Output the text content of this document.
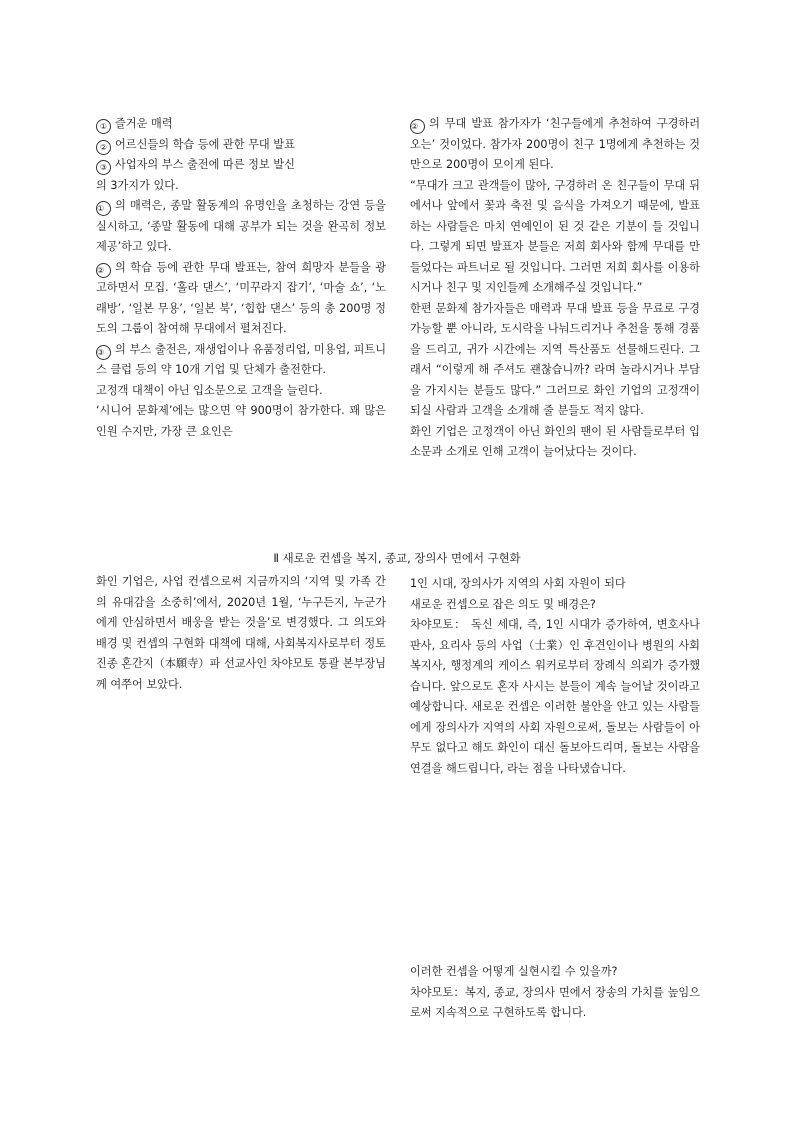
① 즐거운 매력

② 어르신들의 학습 등에 관한 무대 발표

③ 사업자의 부스 출전에 따른 정보 발신

의 3가지가 있다.

① 의 매력은, 종말 활동계의 유명인을 초청하는 강연 등을 실시하고, ‘종말 활동에 대해 공부가 되는 것을 완곡히 정보제공’하고 있다.

② 의 학습 등에 관한 무대 발표는, 참여 희망자 분들을 광고하면서 모집. ‘훌라 댄스’, ‘미꾸라지 잡기’, ‘마술 쇼’, ‘노래방’, ‘일본 무용’, ‘일본 북’, ‘힙합 댄스’ 등의 총 200명 정도의 그룹이 참여해 무대에서 펼쳐진다.

③ 의 부스 출전은, 재생업이나 유품정리업, 미용업, 피트니스 클럽 등의 약 10개 기업 및 단체가 출전한다.

고정객 대책이 아닌 입소문으로 고객을 늘린다.

‘시니어 문화제’에는 많으면 약 900명이 참가한다. 꽤 많은 인원 수지만, 가장 큰 요인은

② 의 무대 발표 참가자가 ‘친구들에게 추천하여 구경하러 오는’ 것이었다. 참가자 200명이 친구 1명에게 추천하는 것 만으로 200명이 모이게 된다.

“무대가 크고 관객들이 많아, 구경하러 온 친구들이 무대 뒤에서나 앞에서 꽃과 축전 및 음식을 가져오기 때문에, 발표하는 사람들은 마치 연예인이 된 것 같은 기분이 들 것입니다. 그렇게 되면 발표자 분들은 저희 회사와 함께 무대를 만들었다는 파트너로 될 것입니다. 그러면 저희 회사를 이용하시거나 친구 및 지인들께 소개해주실 것입니다.”

한편 문화제 참가자들은 매력과 무대 발표 등을 무료로 구경 가능할 뿐 아니라, 도시락을 나눠드리거나 추천을 통해 경품을 드리고, 귀가 시간에는 지역 특산품도 선물해드린다. 그래서 “이렇게 해 주셔도 괜찮습니까? 라며 놀라시거나 부담을 가지시는 분들도 많다.” 그러므로 화인 기업의 고정객이 되실 사람과 고객을 소개해 줄 분들도 적지 않다.

화인 기업은 고정객이 아닌 화인의 팬이 된 사람들로부터 입소문과 소개로 인해 고객이 늘어났다는 것이다.

Ⅱ 새로운 컨셉을 복지, 종교, 장의사 면에서 구현화

화인 기업은, 사업 컨셉으로써 지금까지의 ‘지역 및 가족 간의 유대감을 소중히’에서, 2020년 1월, ‘누구든지, 누군가에게 안심하면서 배웅을 받는 것을’로 변경했다. 그 의도와 배경 및 컨셉의 구현화 대책에 대해, 사회복지사로부터 정토 진종 혼간지（本願寺）파 선교사인 차야모토 통괄 본부장님께 여쭈어 보았다.

1인 시대, 장의사가 지역의 사회 자원이 되다

새로운 컨셉으로 잡은 의도 및 배경은?

차야모토： 독신 세대, 즉, 1인 시대가 증가하여, 변호사나 판사, 요리사 등의 사업（士業）인 후견인이나 병원의 사회복지사, 행정계의 케이스 워커로부터 장례식 의뢰가 증가했습니다. 앞으로도 혼자 사시는 분들이 계속 늘어날 것이라고 예상합니다. 새로운 컨셉은 이러한 불안을 안고 있는 사람들에게 장의사가 지역의 사회 자원으로써, 돌보는 사람들이 아무도 없다고 해도 화인이 대신 돌보아드리며, 돌보는 사람을 연결을 해드립니다, 라는 점을 나타냈습니다.

이러한 컨셉을 어떻게 실현시킬 수 있을까?

차야모토：복지, 종교, 장의사 면에서 장송의 가치를 높임으로써 지속적으로 구현하도록 합니다.
